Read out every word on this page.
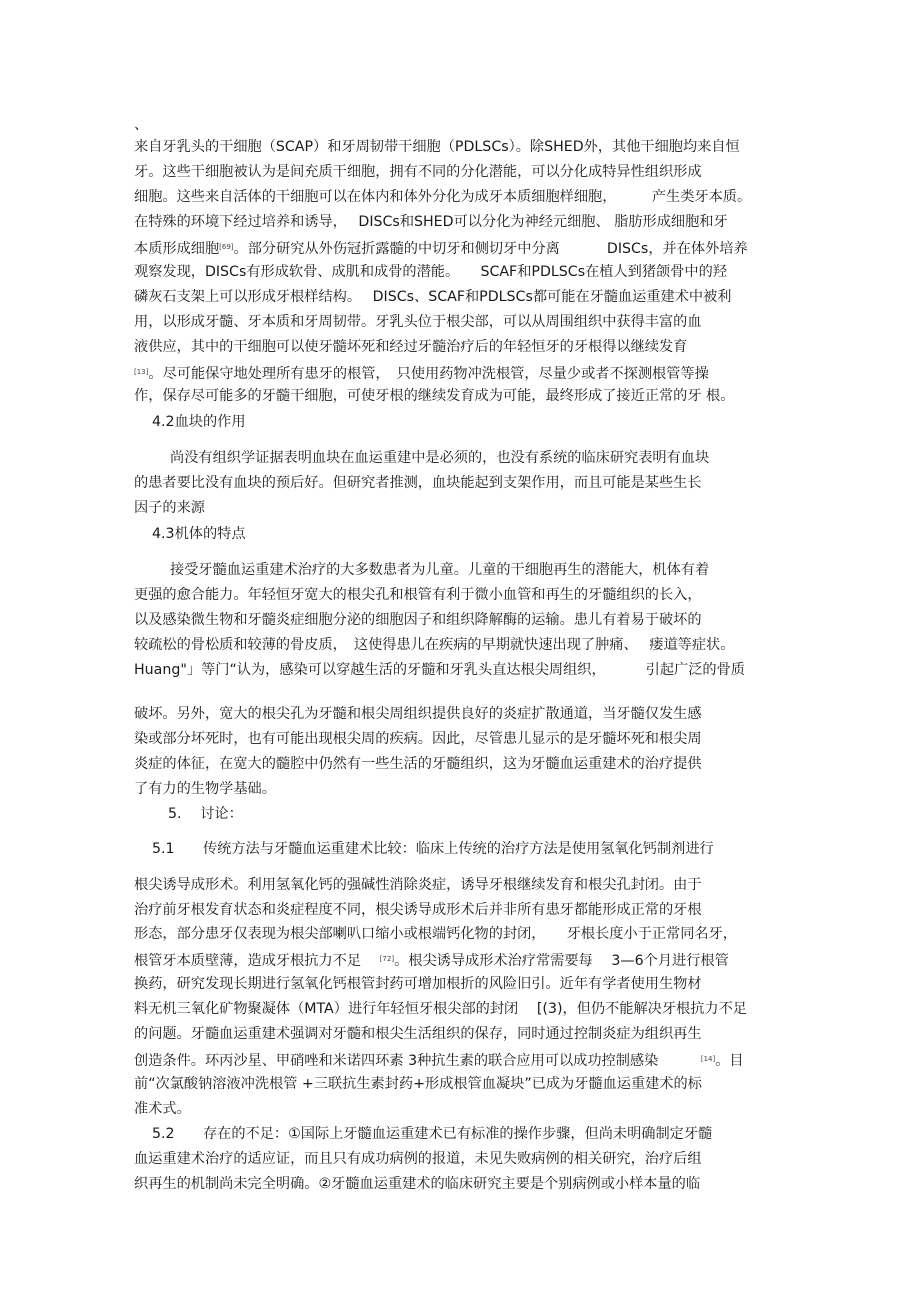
、
来自牙乳头的干细胞（SCAP）和牙周韧带干细胞（PDLSCs）。除SHED外，其他干细胞均来自恒
牙。这些干细胞被认为是间充质干细胞，拥有不同的分化潜能，可以分化成特异性组织形成
细胞。这些来自活体的干细胞可以在体内和体外分化为成牙本质细胞样细胞，　　　产生类牙本质。
在特殊的环境下经过培养和诱导，　 DISCs和SHED可以分化为神经元细胞、 脂肪形成细胞和牙
本质形成细胞[69]。部分研究从外伤冠折露髓的中切牙和侧切牙中分离　　　 DISCs，并在体外培养
观察发现，DISCs有形成软骨、成肌和成骨的潜能。　　SCAF和PDLSCs在植人到猪颌骨中的羟
磷灰石支架上可以形成牙根样结构。　 DISCs、SCAF和PDLSCs都可能在牙髓血运重建术中被利
用，以形成牙髓、牙本质和牙周韧带。牙乳头位于根尖部，可以从周围组织中获得丰富的血
液供应，其中的干细胞可以使牙髓坏死和经过牙髓治疗后的年轻恒牙的牙根得以继续发育
[13]。尽可能保守地处理所有患牙的根管，　只使用药物冲洗根管，尽量少或者不探测根管等操
作，保存尽可能多的牙髓干细胞，可使牙根的继续发育成为可能，最终形成了接近正常的牙 根。
4.2血块的作用
尚没有组织学证据表明血块在血运重建中是必须的，也没有系统的临床研究表明有血块
的患者要比没有血块的预后好。但研究者推测，血块能起到支架作用，而且可能是某些生长
因子的来源
4.3机体的特点
接受牙髓血运重建术治疗的大多数患者为儿童。儿童的干细胞再生的潜能大，机体有着
更强的愈合能力。年轻恒牙宽大的根尖孔和根管有利于微小血管和再生的牙髓组织的长入，
以及感染微生物和牙髓炎症细胞分泌的细胞因子和组织降解酶的运输。患儿有着易于破坏的
较疏松的骨松质和较薄的骨皮质，　这使得患儿在疾病的早期就快速出现了肿痛、　 瘘道等症状。
Huang"」等门“认为，感染可以穿越生活的牙髓和牙乳头直达根尖周组织，　　　 引起广泛的骨质
破坏。另外，宽大的根尖孔为牙髓和根尖周组织提供良好的炎症扩散通道，当牙髓仅发生感
染或部分坏死时，也有可能出现根尖周的疾病。因此，尽管患儿显示的是牙髓坏死和根尖周
炎症的体征，在宽大的髓腔中仍然有一些生活的牙髓组织，这为牙髓血运重建术的治疗提供
了有力的生物学基础。
5.　 讨论：
5.1　　传统方法与牙髓血运重建术比较：临床上传统的治疗方法是使用氢氧化钙制剂进行
根尖诱导成形术。利用氢氧化钙的强碱性消除炎症，诱导牙根继续发育和根尖孔封闭。由于
治疗前牙根发育状态和炎症程度不同，根尖诱导成形术后并非所有患牙都能形成正常的牙根
形态，部分患牙仅表现为根尖部喇叭口缩小或根端钙化物的封闭，　　牙根长度小于正常同名牙，
根管牙本质壁薄，造成牙根抗力不足　 [72]。根尖诱导成形术治疗常需要每　 3—6个月进行根管
换药，研究发现长期进行氢氧化钙根管封药可增加根折的风险旧引。近年有学者使用生物材
料无机三氧化矿物聚凝体（MTA）进行年轻恒牙根尖部的封闭　 [(3)，但仍不能解决牙根抗力不足
的问题。牙髓血运重建术强调对牙髓和根尖生活组织的保存，同时通过控制炎症为组织再生
创造条件。环丙沙星、甲硝唑和米诺四环素 3种抗生素的联合应用可以成功控制感染　　　[14]。目
前“次氯酸钠溶液冲洗根管 +三联抗生素封药+形成根管血凝块”已成为牙髓血运重建术的标
准术式。
5.2　　存在的不足：①国际上牙髓血运重建术已有标准的操作步骤，但尚未明确制定牙髓
血运重建术治疗的适应证，而且只有成功病例的报道，未见失败病例的相关研究，治疗后组
织再生的机制尚未完全明确。②牙髓血运重建术的临床研究主要是个别病例或小样本量的临
